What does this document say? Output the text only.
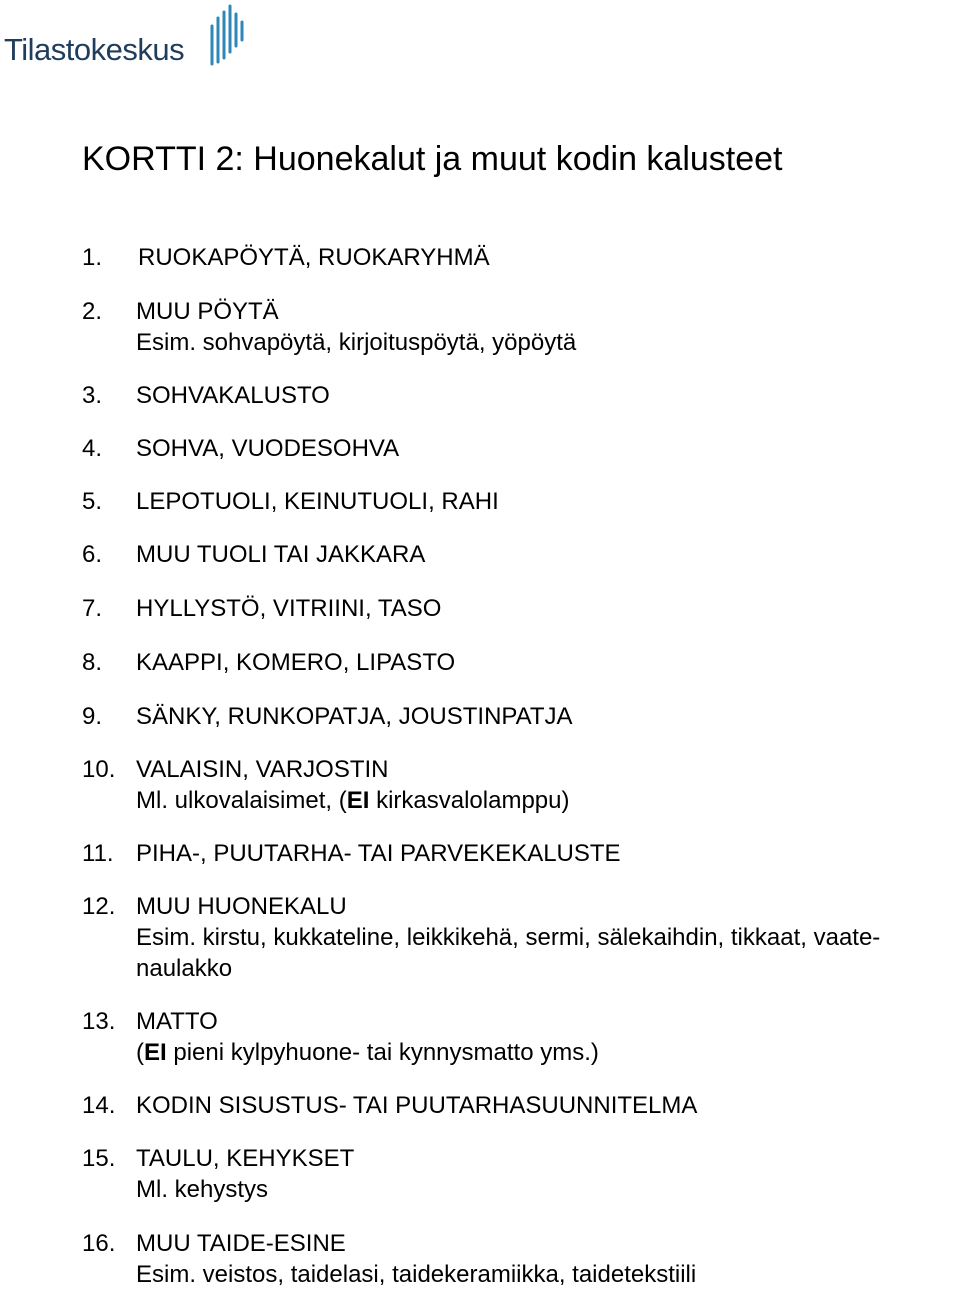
Tilastokeskus
KORTTI 2: Huonekalut ja muut kodin kalusteet
1. RUOKAPÖYTÄ, RUOKARYHMÄ
2. MUU PÖYTÄ
Esim. sohvapöytä, kirjoituspöytä, yöpöytä
3. SOHVAKALUSTO
4. SOHVA, VUODESOHVA
5. LEPOTUOLI, KEINUTUOLI, RAHI
6. MUU TUOLI TAI JAKKARA
7. HYLLYSTÖ, VITRIINI, TASO
8. KAAPPI, KOMERO, LIPASTO
9. SÄNKY, RUNKOPATJA, JOUSTINPATJA
10. VALAISIN, VARJOSTIN
Ml. ulkovalaisimet, (EI kirkasvalolamppu)
11. PIHA-, PUUTARHA- TAI PARVEKEKALUSTE
12. MUU HUONEKALU
Esim. kirstu, kukkateline, leikkikehä, sermi, sälekaihdin, tikkaat, vaate-naulakko
13. MATTO
(EI pieni kylpyhuone- tai kynnysmatto yms.)
14. KODIN SISUSTUS- TAI PUUTARHASUUNNITELMA
15. TAULU, KEHYKSET
Ml. kehystys
16. MUU TAIDE-ESINE
Esim. veistos, taidelasi, taidekeramiikka, taidetekstiili
